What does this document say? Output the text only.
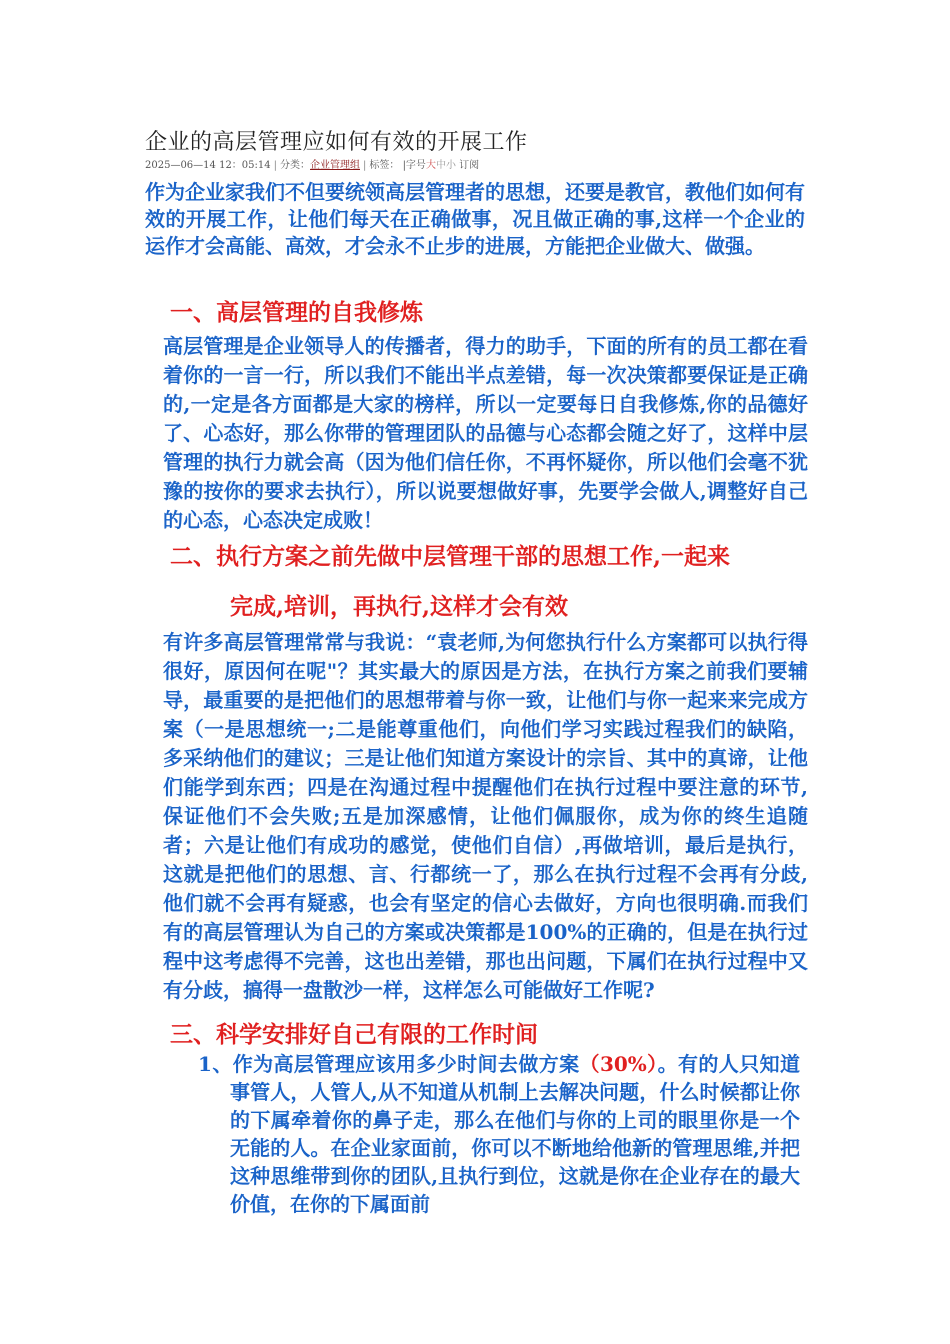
企业的高层管理应如何有效的开展工作
2025—06—14 12：05:14 | 分类：企业管理组 | 标签： |字号大中小 订阅

作为企业家我们不但要统领高层管理者的思想，还要是教官，教他们如何有效的开展工作，让他们每天在正确做事，况且做正确的事,这样一个企业的运作才会高能、高效，才会永不止步的进展，方能把企业做大、做强。

一、高层管理的自我修炼

高层管理是企业领导人的传播者，得力的助手，下面的所有的员工都在看着你的一言一行，所以我们不能出半点差错，每一次决策都要保证是正确的,一定是各方面都是大家的榜样，所以一定要每日自我修炼,你的品德好了、心态好，那么你带的管理团队的品德与心态都会随之好了，这样中层管理的执行力就会高（因为他们信任你，不再怀疑你，所以他们会毫不犹豫的按你的要求去执行），所以说要想做好事，先要学会做人,调整好自己的心态，心态决定成败！

二、执行方案之前先做中层管理干部的思想工作,一起来
完成,培训，再执行,这样才会有效

有许多高层管理常常与我说：“袁老师,为何您执行什么方案都可以执行得很好，原因何在呢"？其实最大的原因是方法，在执行方案之前我们要辅导，最重要的是把他们的思想带着与你一致，让他们与你一起来来完成方案（一是思想统一;二是能尊重他们，向他们学习实践过程我们的缺陷，多采纳他们的建议；三是让他们知道方案设计的宗旨、其中的真谛，让他们能学到东西；四是在沟通过程中提醒他们在执行过程中要注意的环节,保证他们不会失败;五是加深感情，让他们佩服你，成为你的终生追随者；六是让他们有成功的感觉，使他们自信）,再做培训，最后是执行，这就是把他们的思想、言、行都统一了，那么在执行过程不会再有分歧,他们就不会再有疑惑，也会有坚定的信心去做好，方向也很明确.而我们有的高层管理认为自己的方案或决策都是100%的正确的，但是在执行过程中这考虑得不完善，这也出差错，那也出问题，下属们在执行过程中又有分歧，搞得一盘散沙一样，这样怎么可能做好工作呢?

三、科学安排好自己有限的工作时间

1、作为高层管理应该用多少时间去做方案（30%）。有的人只知道事管人，人管人,从不知道从机制上去解决问题，什么时候都让你的下属牵着你的鼻子走，那么在他们与你的上司的眼里你是一个无能的人。在企业家面前，你可以不断地给他新的管理思维,并把这种思维带到你的团队,且执行到位，这就是你在企业存在的最大价值，在你的下属面前
